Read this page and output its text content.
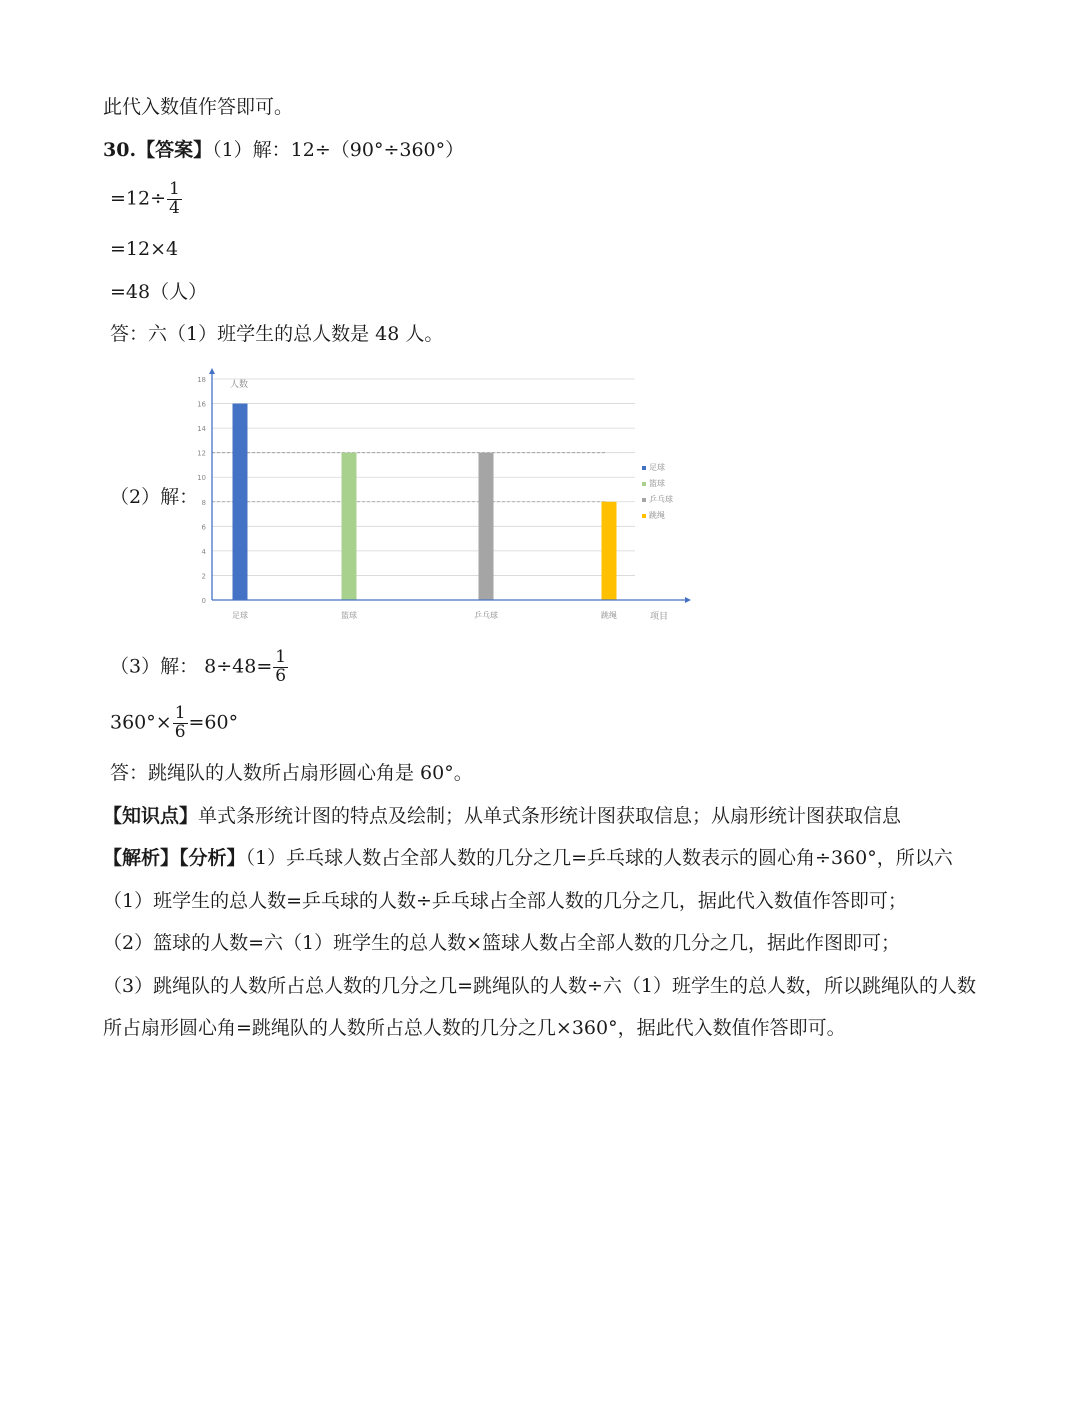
此代入数值作答即可。
30.【答案】（1）解：12÷（90°÷360°）
$=12\div \frac{1}{4}$
=12×4
=48（人）
答：六（1）班学生的总人数是 48 人。
（2）解：
0
2
4
6
8
10
12
14
16
18
足球	篮球	乒乓球	跳绳
足球
篮球
乒乓球
跳绳
人数
项目
（3）解： $8\div 48= \frac{1}{6}$
$360^\circ\times \frac{1}{6} =60^\circ$
答：跳绳队的人数所占扇形圆心角是 60°。
【知识点】单式条形统计图的特点及绘制；从单式条形统计图获取信息；从扇形统计图获取信息
【解析】【分析】（1）乒乓球人数占全部人数的几分之几=乒乓球的人数表示的圆心角÷360°，所以六
（1）班学生的总人数=乒乓球的人数÷乒乓球占全部人数的几分之几，据此代入数值作答即可；
（2）篮球的人数=六（1）班学生的总人数×篮球人数占全部人数的几分之几，据此作图即可；
（3）跳绳队的人数所占总人数的几分之几=跳绳队的人数÷六（1）班学生的总人数，所以跳绳队的人数
所占扇形圆心角=跳绳队的人数所占总人数的几分之几×360°，据此代入数值作答即可。
